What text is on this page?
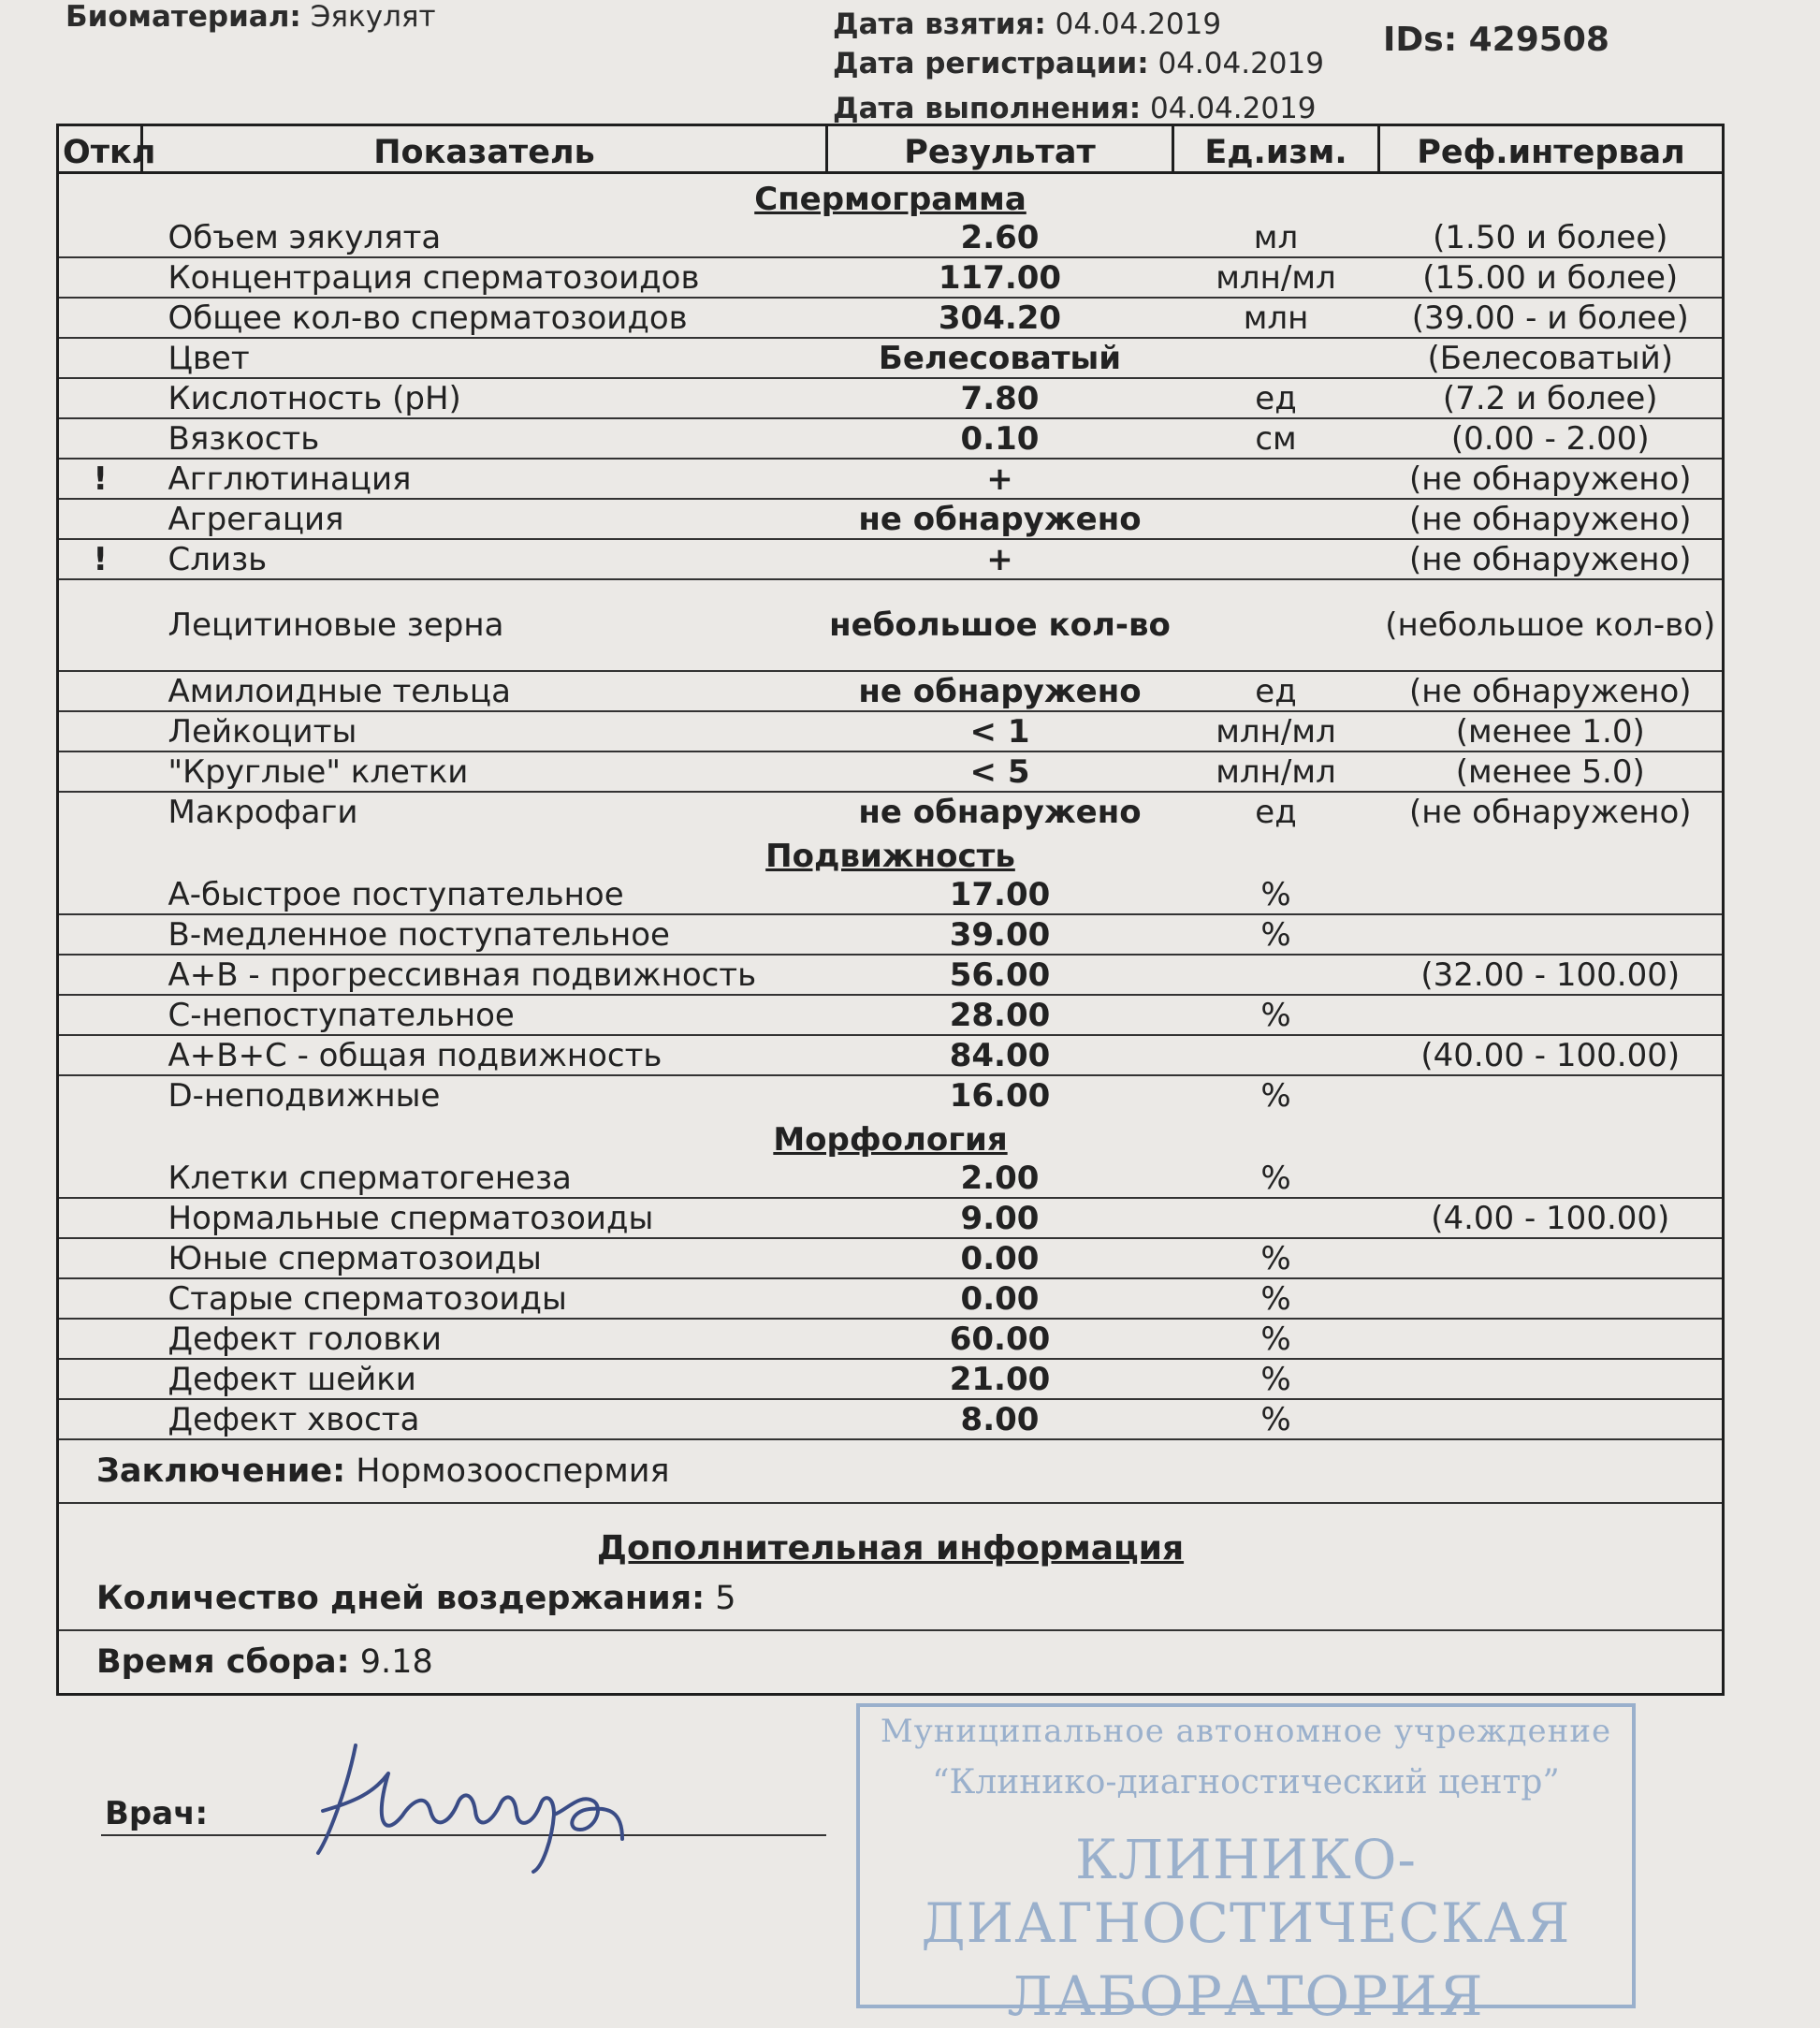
Биоматериал: Эякулят	Дата взятия: 04.04.2019
Дата регистрации: 04.04.2019
Дата выполнения: 04.04.2019
IDs: 429508
Откл	Показатель	Результат	Ед.изм.	Реф.интервал
Спермограмма				
	Объем эякулята	2.60	мл	(1.50 и более)
	Концентрация сперматозоидов	117.00	млн/мл	(15.00 и более)
	Общее кол-во сперматозоидов	304.20	млн	(39.00 - и более)
	Цвет	Белесоватый		(Белесоватый)
	Кислотность (pH)	7.80	ед	(7.2 и более)
	Вязкость	0.10	см	(0.00 - 2.00)
!	Агглютинация	+		(не обнаружено)
	Агрегация	не обнаружено		(не обнаружено)
!	Слизь	+		(не обнаружено)
	Лецитиновые зерна	небольшое кол-во		(небольшое кол-во)
	Амилоидные тельца	не обнаружено	ед	(не обнаружено)
	Лейкоциты	< 1	млн/мл	(менее 1.0)
	"Круглые" клетки	< 5	млн/мл	(менее 5.0)
	Макрофаги	не обнаружено	ед	(не обнаружено)
Подвижность				
	А-быстрое поступательное	17.00	%	
	В-медленное поступательное	39.00	%	
	А+В - прогрессивная подвижность	56.00		(32.00 - 100.00)
	С-непоступательное	28.00	%	
	А+В+С - общая подвижность	84.00		(40.00 - 100.00)
	D-неподвижные	16.00	%	
Морфология				
	Клетки сперматогенеза	2.00	%	
	Нормальные сперматозоиды	9.00		(4.00 - 100.00)
	Юные сперматозоиды	0.00	%	
	Старые сперматозоиды	0.00	%	
	Дефект головки	60.00	%	
	Дефект шейки	21.00	%	
	Дефект хвоста	8.00	%	
Заключение: Нормозооспермия				
Дополнительная информация				
Количество дней воздержания: 5				
Время сбора: 9.18				
Врач:
Муниципальное автономное учреждение
“Клинико-диагностический центр”
КЛИНИКО-ДИАГНОСТИЧЕСКАЯ
ЛАБОРАТОРИЯ
